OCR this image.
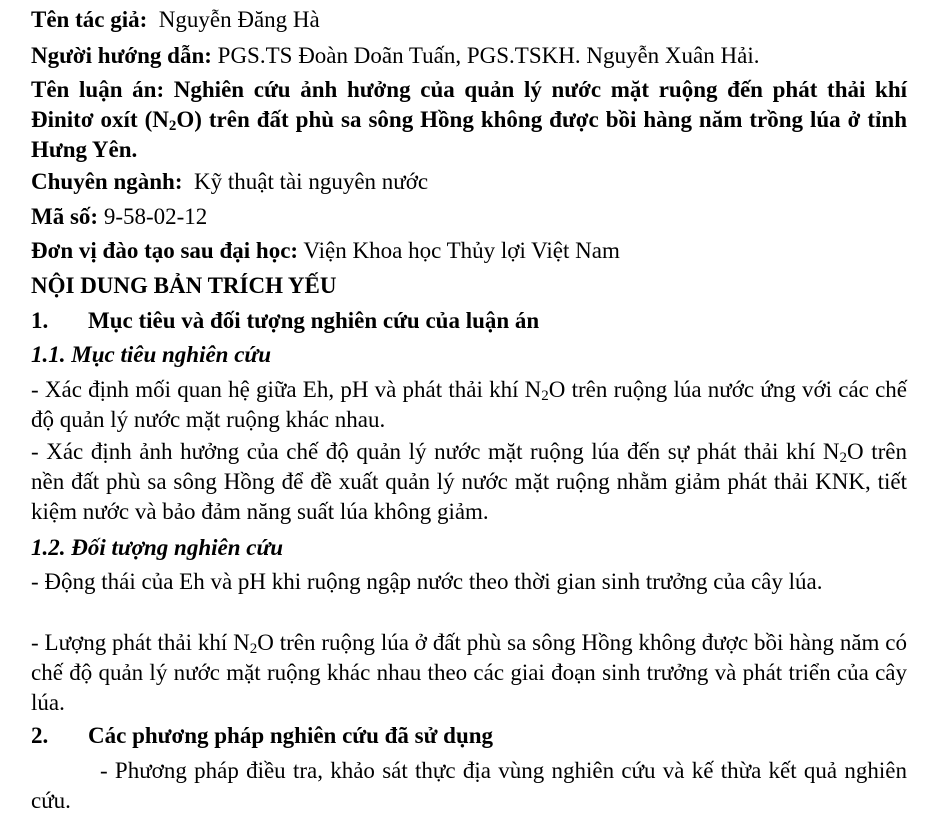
Tên tác giả: Nguyễn Đăng Hà
Người hướng dẫn: PGS.TS Đoàn Doãn Tuấn, PGS.TSKH. Nguyễn Xuân Hải.
Tên luận án: Nghiên cứu ảnh hưởng của quản lý nước mặt ruộng đến phát thải khí Đinitơ oxít $(N_2O)$ trên đất phù sa sông Hồng không được bồi hàng năm trồng lúa ở tỉnh Hưng Yên.
Chuyên ngành: Kỹ thuật tài nguyên nước
Mã số: 9-58-02-12
Đơn vị đào tạo sau đại học: Viện Khoa học Thủy lợi Việt Nam
NỘI DUNG BẢN TRÍCH YẾU
1. Mục tiêu và đối tượng nghiên cứu của luận án
1.1. Mục tiêu nghiên cứu
- Xác định mối quan hệ giữa Eh, pH và phát thải khí $N_2O$ trên ruộng lúa nước ứng với các chế độ quản lý nước mặt ruộng khác nhau.
- Xác định ảnh hưởng của chế độ quản lý nước mặt ruộng lúa đến sự phát thải khí $N_2O$ trên nền đất phù sa sông Hồng để đề xuất quản lý nước mặt ruộng nhằm giảm phát thải KNK, tiết kiệm nước và bảo đảm năng suất lúa không giảm.
1.2. Đối tượng nghiên cứu
- Động thái của Eh và pH khi ruộng ngập nước theo thời gian sinh trưởng của cây lúa.
- Lượng phát thải khí $N_2O$ trên ruộng lúa ở đất phù sa sông Hồng không được bồi hàng năm có chế độ quản lý nước mặt ruộng khác nhau theo các giai đoạn sinh trưởng và phát triển của cây lúa.
2. Các phương pháp nghiên cứu đã sử dụng
- Phương pháp điều tra, khảo sát thực địa vùng nghiên cứu và kế thừa kết quả nghiên cứu.
